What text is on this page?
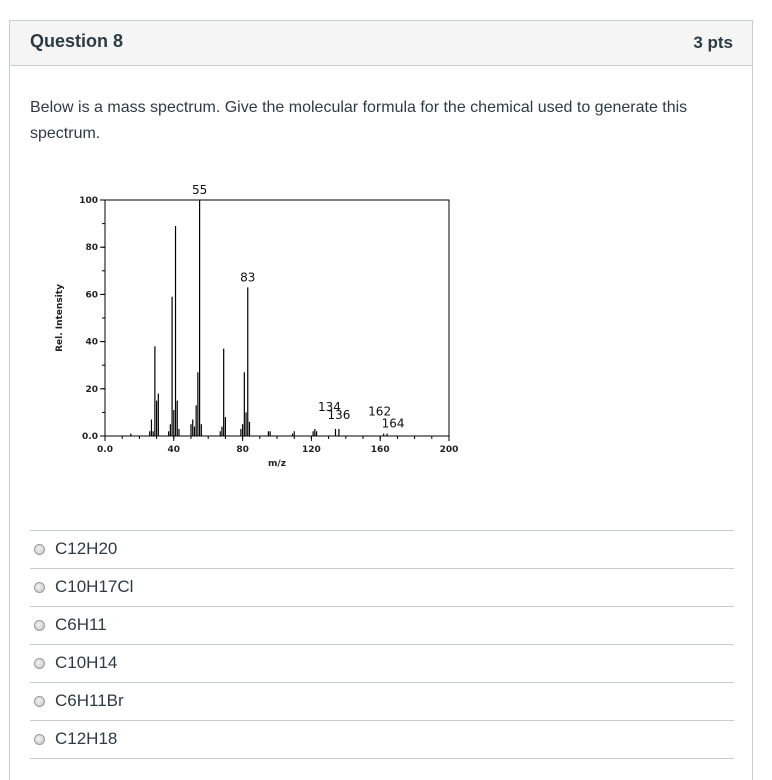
Question 8	3 pts
Below is a mass spectrum. Give the molecular formula for the chemical used to generate this spectrum.
0.0	40	80	120	160	200
0.0
20
40
60
80
100
m/z
Rel. Intensity
55
83
134
136 162
164
C12H20
C10H17Cl
C6H11
C10H14
C6H11Br
C12H18
